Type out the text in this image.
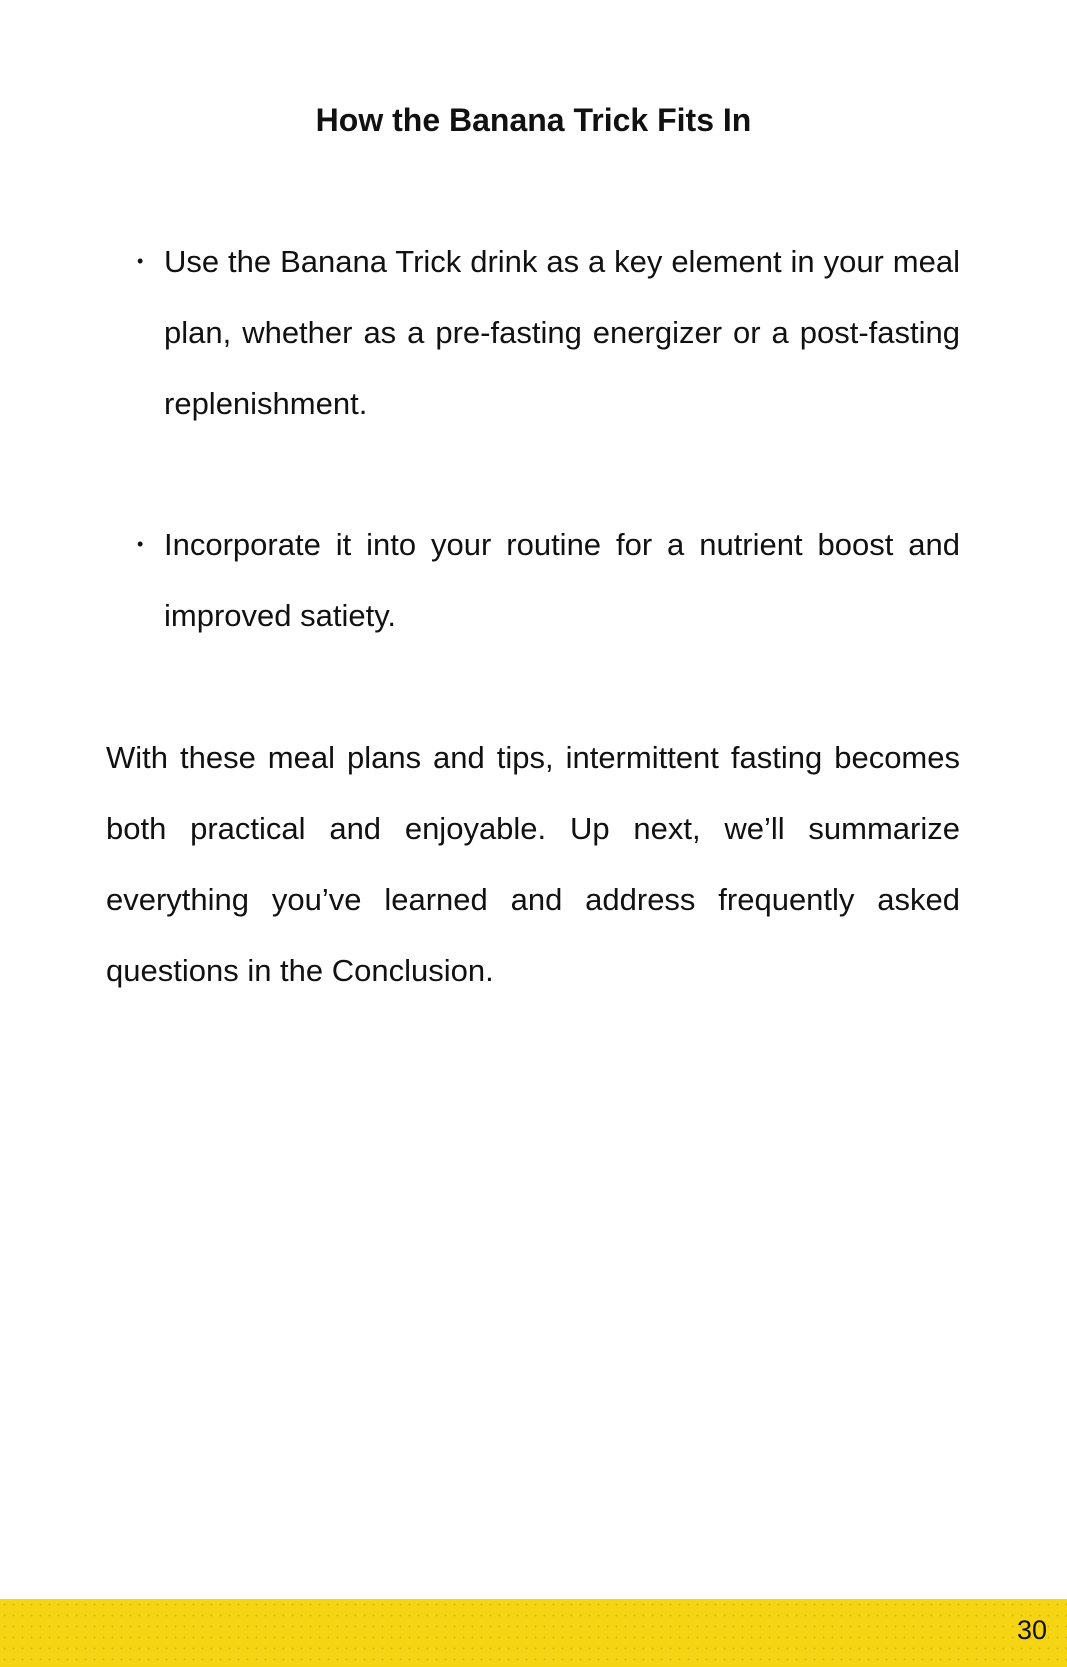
How the Banana Trick Fits In

• Use the Banana Trick drink as a key element in your meal plan, whether as a pre-fasting energizer or a post-fasting replenishment.

• Incorporate it into your routine for a nutrient boost and improved satiety.

With these meal plans and tips, intermittent fasting becomes both practical and enjoyable. Up next, we’ll summarize everything you’ve learned and address frequently asked questions in the Conclusion.

30
